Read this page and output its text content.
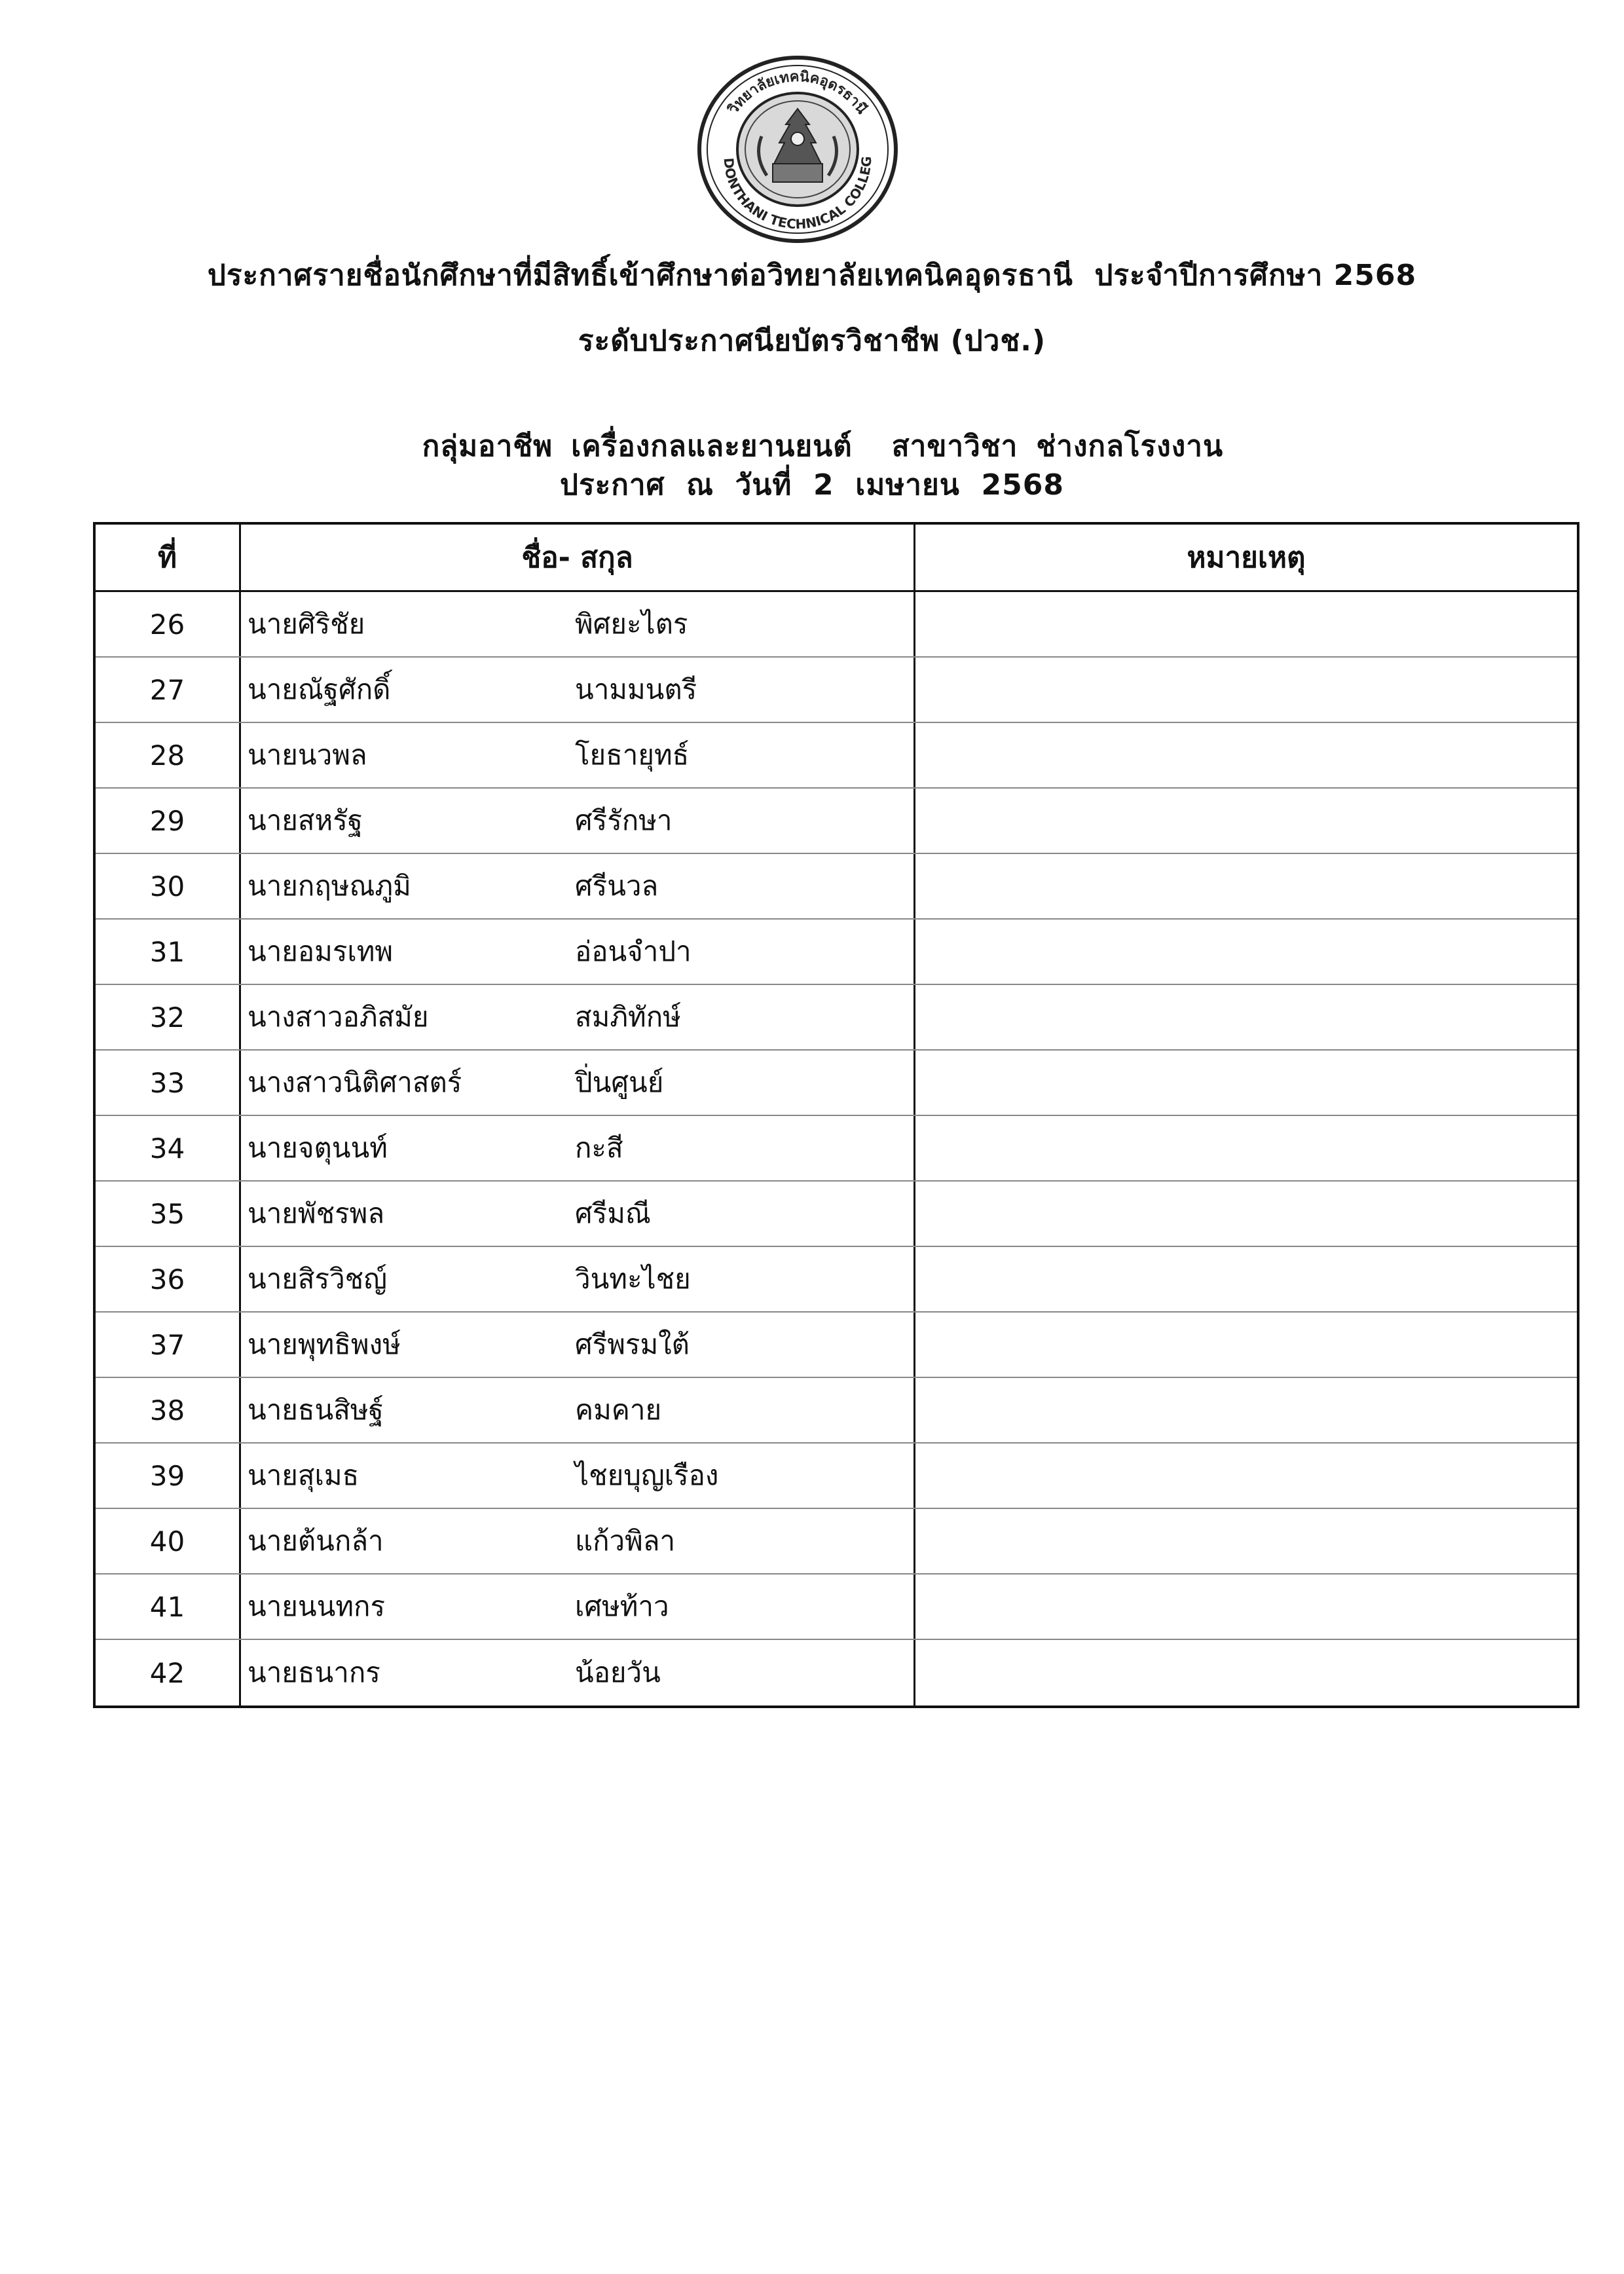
วิทยาลัยเทคนิคอุดรธานี
DONTHANI TECHNICAL COLLEG
ประกาศรายชื่อนักศึกษาที่มีสิทธิ์เข้าศึกษาต่อวิทยาลัยเทคนิคอุดรธานี  ประจำปีการศึกษา 2568
ระดับประกาศนียบัตรวิชาชีพ (ปวช.)

กลุ่มอาชีพ เครื่องกลและยานยนต์ สาขาวิชา ช่างกลโรงงาน

ประกาศ  ณ  วันที่  2  เมษายน  2568
ที่	ชื่อ- สกุล	หมายเหตุ
26	นายศิริชัย	พิศยะไตร
27	นายณัฐศักดิ์	นามมนตรี
28	นายนวพล	โยธายุทธ์
29	นายสหรัฐ	ศรีรักษา
30	นายกฤษณภูมิ	ศรีนวล
31	นายอมรเทพ	อ่อนจำปา
32	นางสาวอภิสมัย	สมภิทักษ์
33	นางสาวนิติศาสตร์	ปิ่นศูนย์
34	นายจตุนนท์	กะสี
35	นายพัชรพล	ศรีมณี
36	นายสิรวิชญ์	วินทะไชย
37	นายพุทธิพงษ์	ศรีพรมใต้
38	นายธนสิษฐ์	คมคาย
39	นายสุเมธ	ไชยบุญเรือง
40	นายต้นกล้า	แก้วพิลา
41	นายนนทกร	เศษท้าว
42	นายธนากร	น้อยวัน
